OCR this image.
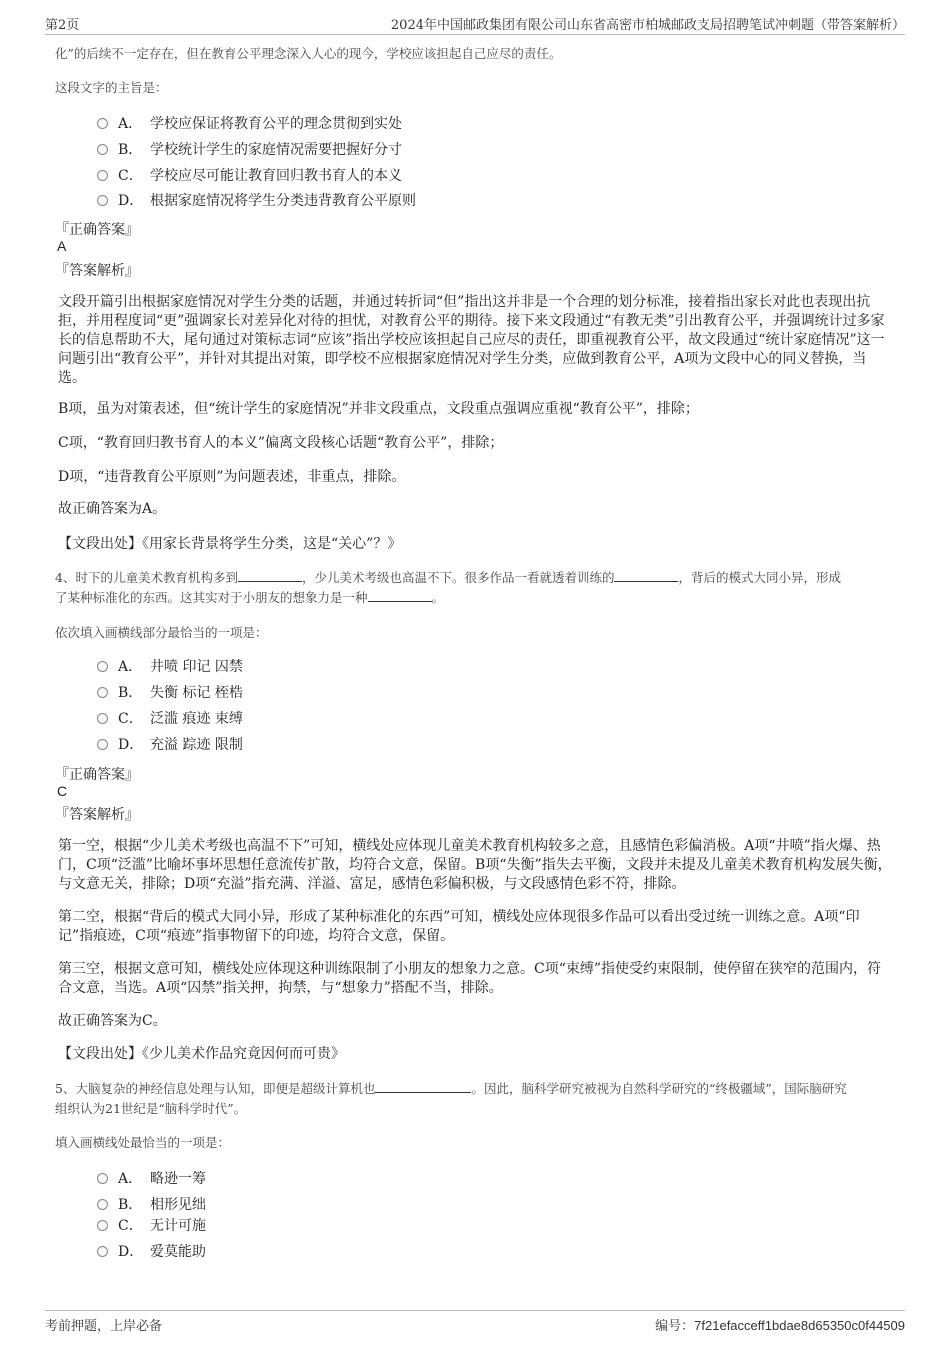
第2页	2024年中国邮政集团有限公司山东省高密市柏城邮政支局招聘笔试冲刺题（带答案解析）
化”的后续不一定存在，但在教育公平理念深入人心的现今，学校应该担起自己应尽的责任。
这段文字的主旨是：
A． 学校应保证将教育公平的理念贯彻到实处
B． 学校统计学生的家庭情况需要把握好分寸
C． 学校应尽可能让教育回归教书育人的本义
D． 根据家庭情况将学生分类违背教育公平原则
『正确答案』
A
『答案解析』
文段开篇引出根据家庭情况对学生分类的话题，并通过转折词“但”指出这并非是一个合理的划分标准，接着指出家长对此也表现出抗拒，并用程度词“更”强调家长对差异化对待的担忧，对教育公平的期待。接下来文段通过“有教无类”引出教育公平，并强调统计过多家长的信息帮助不大，尾句通过对策标志词“应该”指出学校应该担起自己应尽的责任，即重视教育公平，故文段通过“统计家庭情况”这一问题引出“教育公平”，并针对其提出对策，即学校不应根据家庭情况对学生分类，应做到教育公平，A项为文段中心的同义替换，当选。
B项，虽为对策表述，但“统计学生的家庭情况”并非文段重点，文段重点强调应重视“教育公平”，排除；
C项，“教育回归教书育人的本义”偏离文段核心话题“教育公平”，排除；
D项，“违背教育公平原则”为问题表述，非重点，排除。
故正确答案为A。
【文段出处】《用家长背景将学生分类，这是“关心”？》
4、时下的儿童美术教育机构多到	，少儿美术考级也高温不下。很多作品一看就透着训练的	，背后的模式大同小异，形成
了某种标准化的东西。这其实对于小朋友的想象力是一种	。
依次填入画横线部分最恰当的一项是：
A． 井喷 印记 囚禁
B． 失衡 标记 桎梏
C． 泛滥 痕迹 束缚
D． 充溢 踪迹 限制
『正确答案』
C
『答案解析』
第一空，根据“少儿美术考级也高温不下”可知，横线处应体现儿童美术教育机构较多之意，且感情色彩偏消极。A项“井喷”指火爆、热门，C项“泛滥”比喻坏事坏思想任意流传扩散，均符合文意，保留。B项“失衡”指失去平衡，文段并未提及儿童美术教育机构发展失衡，与文意无关，排除；D项“充溢”指充满、洋溢、富足，感情色彩偏积极，与文段感情色彩不符，排除。
第二空，根据“背后的模式大同小异，形成了某种标准化的东西”可知，横线处应体现很多作品可以看出受过统一训练之意。A项“印记”指痕迹，C项“痕迹”指事物留下的印迹，均符合文意，保留。
第三空，根据文意可知，横线处应体现这种训练限制了小朋友的想象力之意。C项“束缚”指使受约束限制，使停留在狭窄的范围内，符合文意，当选。A项“囚禁”指关押，拘禁，与“想象力”搭配不当，排除。
故正确答案为C。
【文段出处】《少儿美术作品究竟因何而可贵》
5、大脑复杂的神经信息处理与认知，即便是超级计算机也	。因此，脑科学研究被视为自然科学研究的“终极疆域”，国际脑研究
组织认为21世纪是“脑科学时代”。
填入画横线处最恰当的一项是：
A． 略逊一筹
B． 相形见绌
C． 无计可施
D． 爱莫能助
考前押题，上岸必备	编号：7f21efacceff1bdae8d65350c0f44509
